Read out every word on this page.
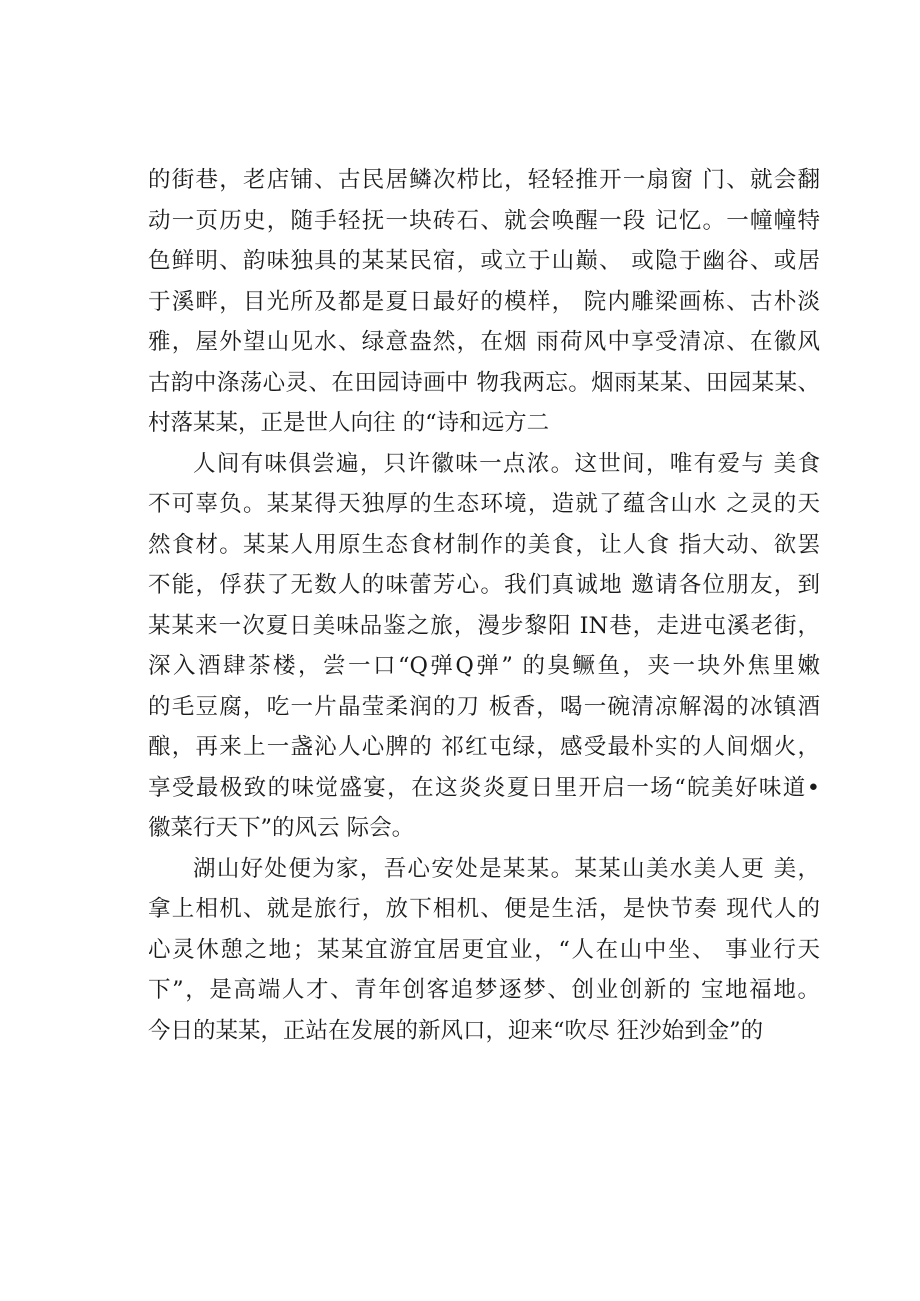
的街巷，老店铺、古民居鳞次栉比，轻轻推开一扇窗 门、就会翻
动一页历史，随手轻抚一块砖石、就会唤醒一段 记忆。一幢幢特
色鲜明、韵味独具的某某民宿，或立于山巅、 或隐于幽谷、或居
于溪畔，目光所及都是夏日最好的模样， 院内雕梁画栋、古朴淡
雅，屋外望山见水、绿意盎然，在烟 雨荷风中享受清凉、在徽风
古韵中涤荡心灵、在田园诗画中 物我两忘。烟雨某某、田园某某、
村落某某，正是世人向往 的“诗和远方二
人间有味俱尝遍，只许徽味一点浓。这世间，唯有爱与 美食
不可辜负。某某得天独厚的生态环境，造就了蕴含山水 之灵的天
然食材。某某人用原生态食材制作的美食，让人食 指大动、欲罢
不能，俘获了无数人的味蕾芳心。我们真诚地 邀请各位朋友，到
某某来一次夏日美味品鉴之旅，漫步黎阳 IN巷，走进屯溪老街，
深入酒肆茶楼，尝一口“Q弹Q弹” 的臭鳜鱼，夹一块外焦里嫩
的毛豆腐，吃一片晶莹柔润的刀 板香，喝一碗清凉解渴的冰镇酒
酿，再来上一盏沁人心脾的 祁红屯绿，感受最朴实的人间烟火，
享受最极致的味觉盛宴，在这炎炎夏日里开启一场“皖美好味道•
徽菜行天下”的风云 际会。
湖山好处便为家，吾心安处是某某。某某山美水美人更 美，
拿上相机、就是旅行，放下相机、便是生活，是快节奏 现代人的
心灵休憩之地；某某宜游宜居更宜业，“人在山中坐、 事业行天
下”，是高端人才、青年创客追梦逐梦、创业创新的 宝地福地。
今日的某某，正站在发展的新风口，迎来“吹尽 狂沙始到金”的
